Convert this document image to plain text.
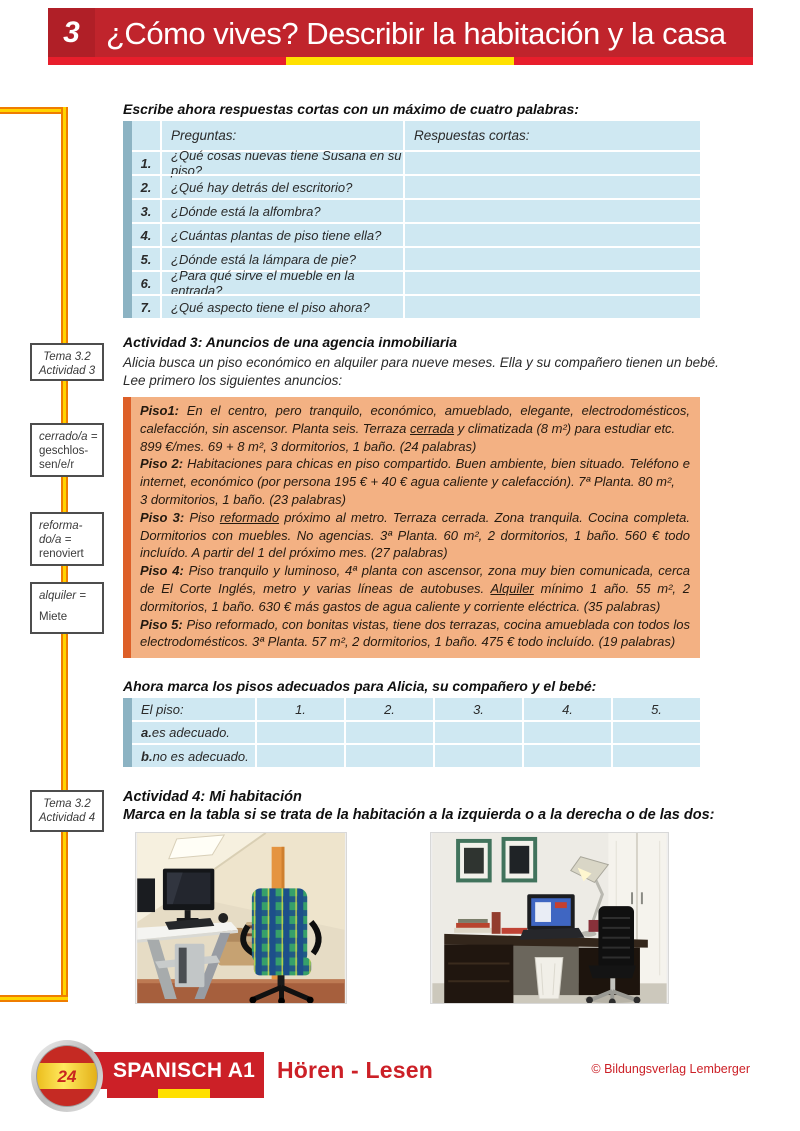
3 ¿Cómo vives? Describir la habitación y la casa
Tema 3.2
Actividad 3
cerrado/a =
geschlos-
sen/e/r
reforma-
do/a =
renoviert
alquiler =
Miete
Tema 3.2
Actividad 4
Escribe ahora respuestas cortas con un máximo de cuatro palabras:
Preguntas:	Respuestas cortas:
1.	¿Qué cosas nuevas tiene Susana en su piso?
2.	¿Qué hay detrás del escritorio?
3.	¿Dónde está la alfombra?
4.	¿Cuántas plantas de piso tiene ella?
5.	¿Dónde está la lámpara de pie?
6.	¿Para qué sirve el mueble en la entrada?
7.	¿Qué aspecto tiene el piso ahora?
Actividad 3: Anuncios de una agencia inmobiliaria
Alicia busca un piso económico en alquiler para nueve meses. Ella y su compañero tienen un bebé.
Lee primero los siguientes anuncios:

Piso1: En el centro, pero tranquilo, económico, amueblado, elegante, electrodomésticos, calefacción, sin ascensor. Planta seis. Terraza cerrada y climatizada (8 m²) para estudiar etc.
899 €/mes. 69 + 8 m², 3 dormitorios, 1 baño. (24 palabras)

Piso 2: Habitaciones para chicas en piso compartido. Buen ambiente, bien situado. Teléfono e internet, económico (por persona 195 € + 40 € agua caliente y calefacción). 7ª Planta. 80 m²,
3 dormitorios, 1 baño. (23 palabras)

Piso 3: Piso reformado próximo al metro. Terraza cerrada. Zona tranquila. Cocina completa. Dormitorios con muebles. No agencias. 3ª Planta. 60 m², 2 dormitorios, 1 baño. 560 € todo incluído. A partir del 1 del próximo mes. (27 palabras)

Piso 4: Piso tranquilo y luminoso, 4ª planta con ascensor, zona muy bien comunicada, cerca de El Corte Inglés, metro y varias líneas de autobuses. Alquiler mínimo 1 año. 55 m², 2 dormitorios, 1 baño. 630 € más gastos de agua caliente y corriente eléctrica. (35 palabras)

Piso 5: Piso reformado, con bonitas vistas, tiene dos terrazas, cocina amueblada con todos los electrodomésticos. 3ª Planta. 57 m², 2 dormitorios, 1 baño. 475 € todo incluído. (19 palabras)

Ahora marca los pisos adecuados para Alicia, su compañero y el bebé:
El piso:	1.	2.	3.	4.	5.
a. es adecuado.
b. no es adecuado.
Actividad 4: Mi habitación
Marca en la tabla si se trata de la habitación a la izquierda o a la derecha o de las dos:
SPANISCH A1 Hören - Lesen	© Bildungsverlag Lemberger
24
